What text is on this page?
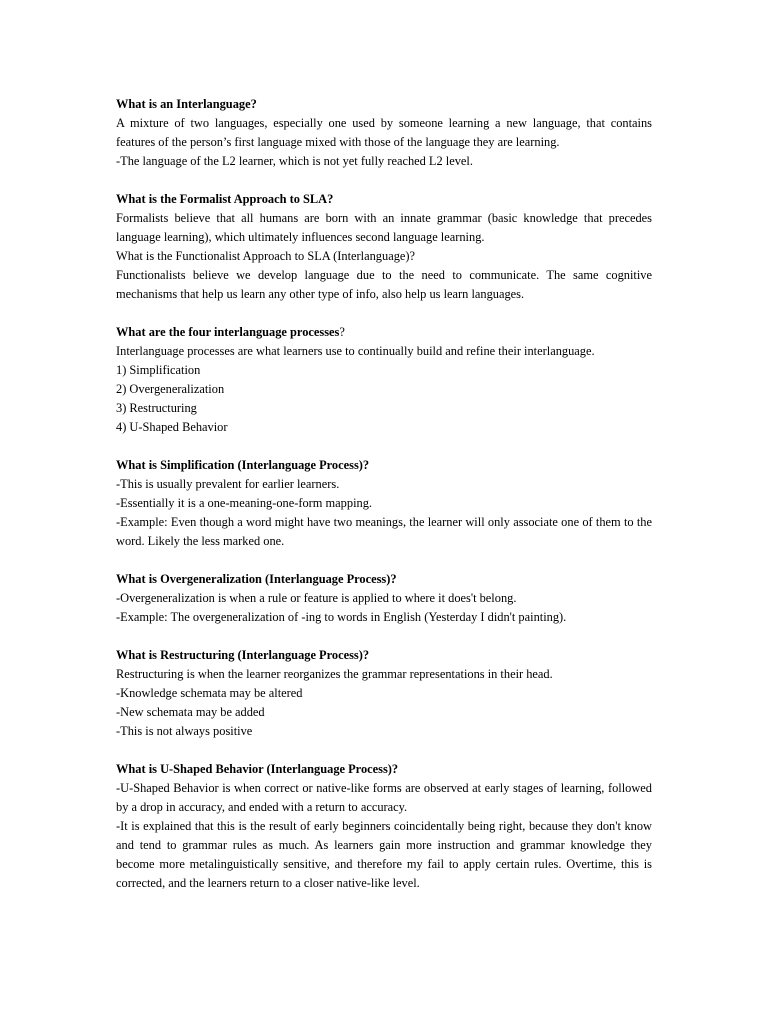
What is an Interlanguage?

A mixture of two languages, especially one used by someone learning a new language, that contains features of the person’s first language mixed with those of the language they are learning.

-The language of the L2 learner, which is not yet fully reached L2 level.

What is the Formalist Approach to SLA?

Formalists believe that all humans are born with an innate grammar (basic knowledge that precedes language learning), which ultimately influences second language learning.

What is the Functionalist Approach to SLA (Interlanguage)?

Functionalists believe we develop language due to the need to communicate. The same cognitive mechanisms that help us learn any other type of info, also help us learn languages.

What are the four interlanguage processes?

Interlanguage processes are what learners use to continually build and refine their interlanguage.

1) Simplification

2) Overgeneralization

3) Restructuring

4) U-Shaped Behavior

What is Simplification (Interlanguage Process)?

-This is usually prevalent for earlier learners.

-Essentially it is a one-meaning-one-form mapping.

-Example: Even though a word might have two meanings, the learner will only associate one of them to the word. Likely the less marked one.

What is Overgeneralization (Interlanguage Process)?

-Overgeneralization is when a rule or feature is applied to where it does't belong.

-Example: The overgeneralization of -ing to words in English (Yesterday I didn't painting).

What is Restructuring (Interlanguage Process)?

Restructuring is when the learner reorganizes the grammar representations in their head.

-Knowledge schemata may be altered

-New schemata may be added

-This is not always positive

What is U-Shaped Behavior (Interlanguage Process)?

-U-Shaped Behavior is when correct or native-like forms are observed at early stages of learning, followed by a drop in accuracy, and ended with a return to accuracy.

-It is explained that this is the result of early beginners coincidentally being right, because they don't know and tend to grammar rules as much. As learners gain more instruction and grammar knowledge they become more metalinguistically sensitive, and therefore my fail to apply certain rules. Overtime, this is corrected, and the learners return to a closer native-like level.
